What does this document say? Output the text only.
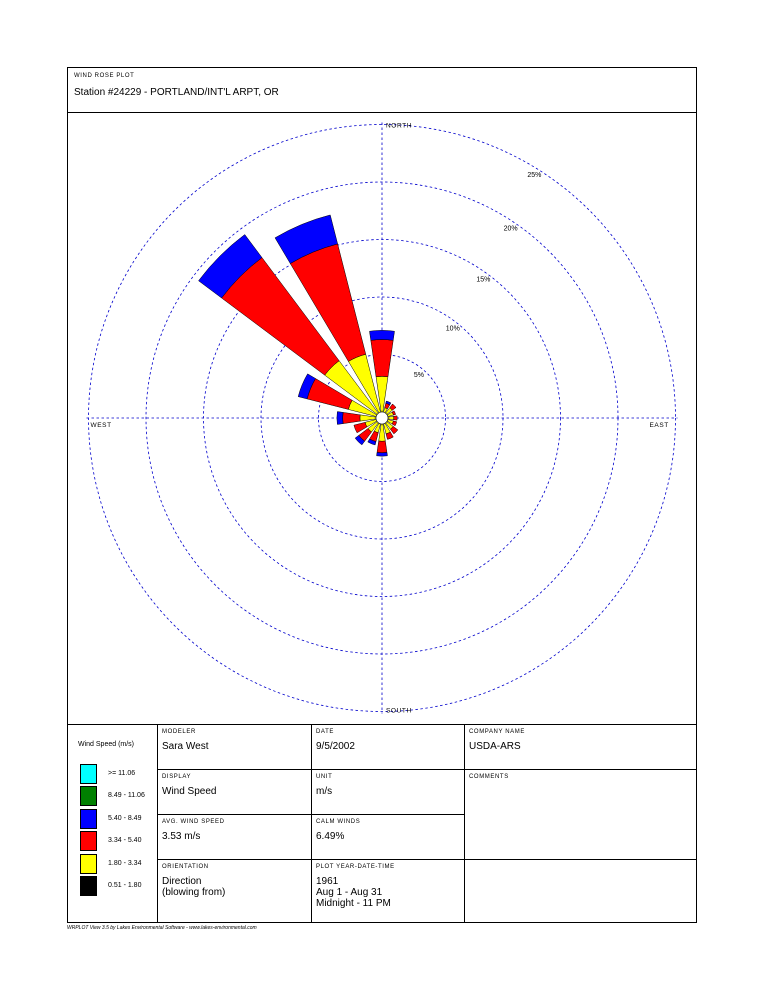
WIND ROSE PLOT
Station #24229 - PORTLAND/INT'L ARPT, OR
5%
10%
15%
20%
25%
NORTH
SOUTH
EAST
WEST
Wind Speed (m/s)
>= 11.06
8.49 - 11.06
5.40 - 8.49
3.34 - 5.40
1.80 - 3.34
0.51 - 1.80
MODELER
Sara West
DATE
9/5/2002
COMPANY NAME
USDA-ARS
DISPLAY
Wind Speed
UNIT
m/s
COMMENTS
AVG. WIND SPEED
3.53 m/s
CALM WINDS
6.49%
ORIENTATION
Direction
(blowing from)
PLOT YEAR-DATE-TIME
1961
Aug 1 - Aug 31
Midnight - 11 PM
WRPLOT View 3.5 by Lakes Environmental Software - www.lakes-environmental.com
